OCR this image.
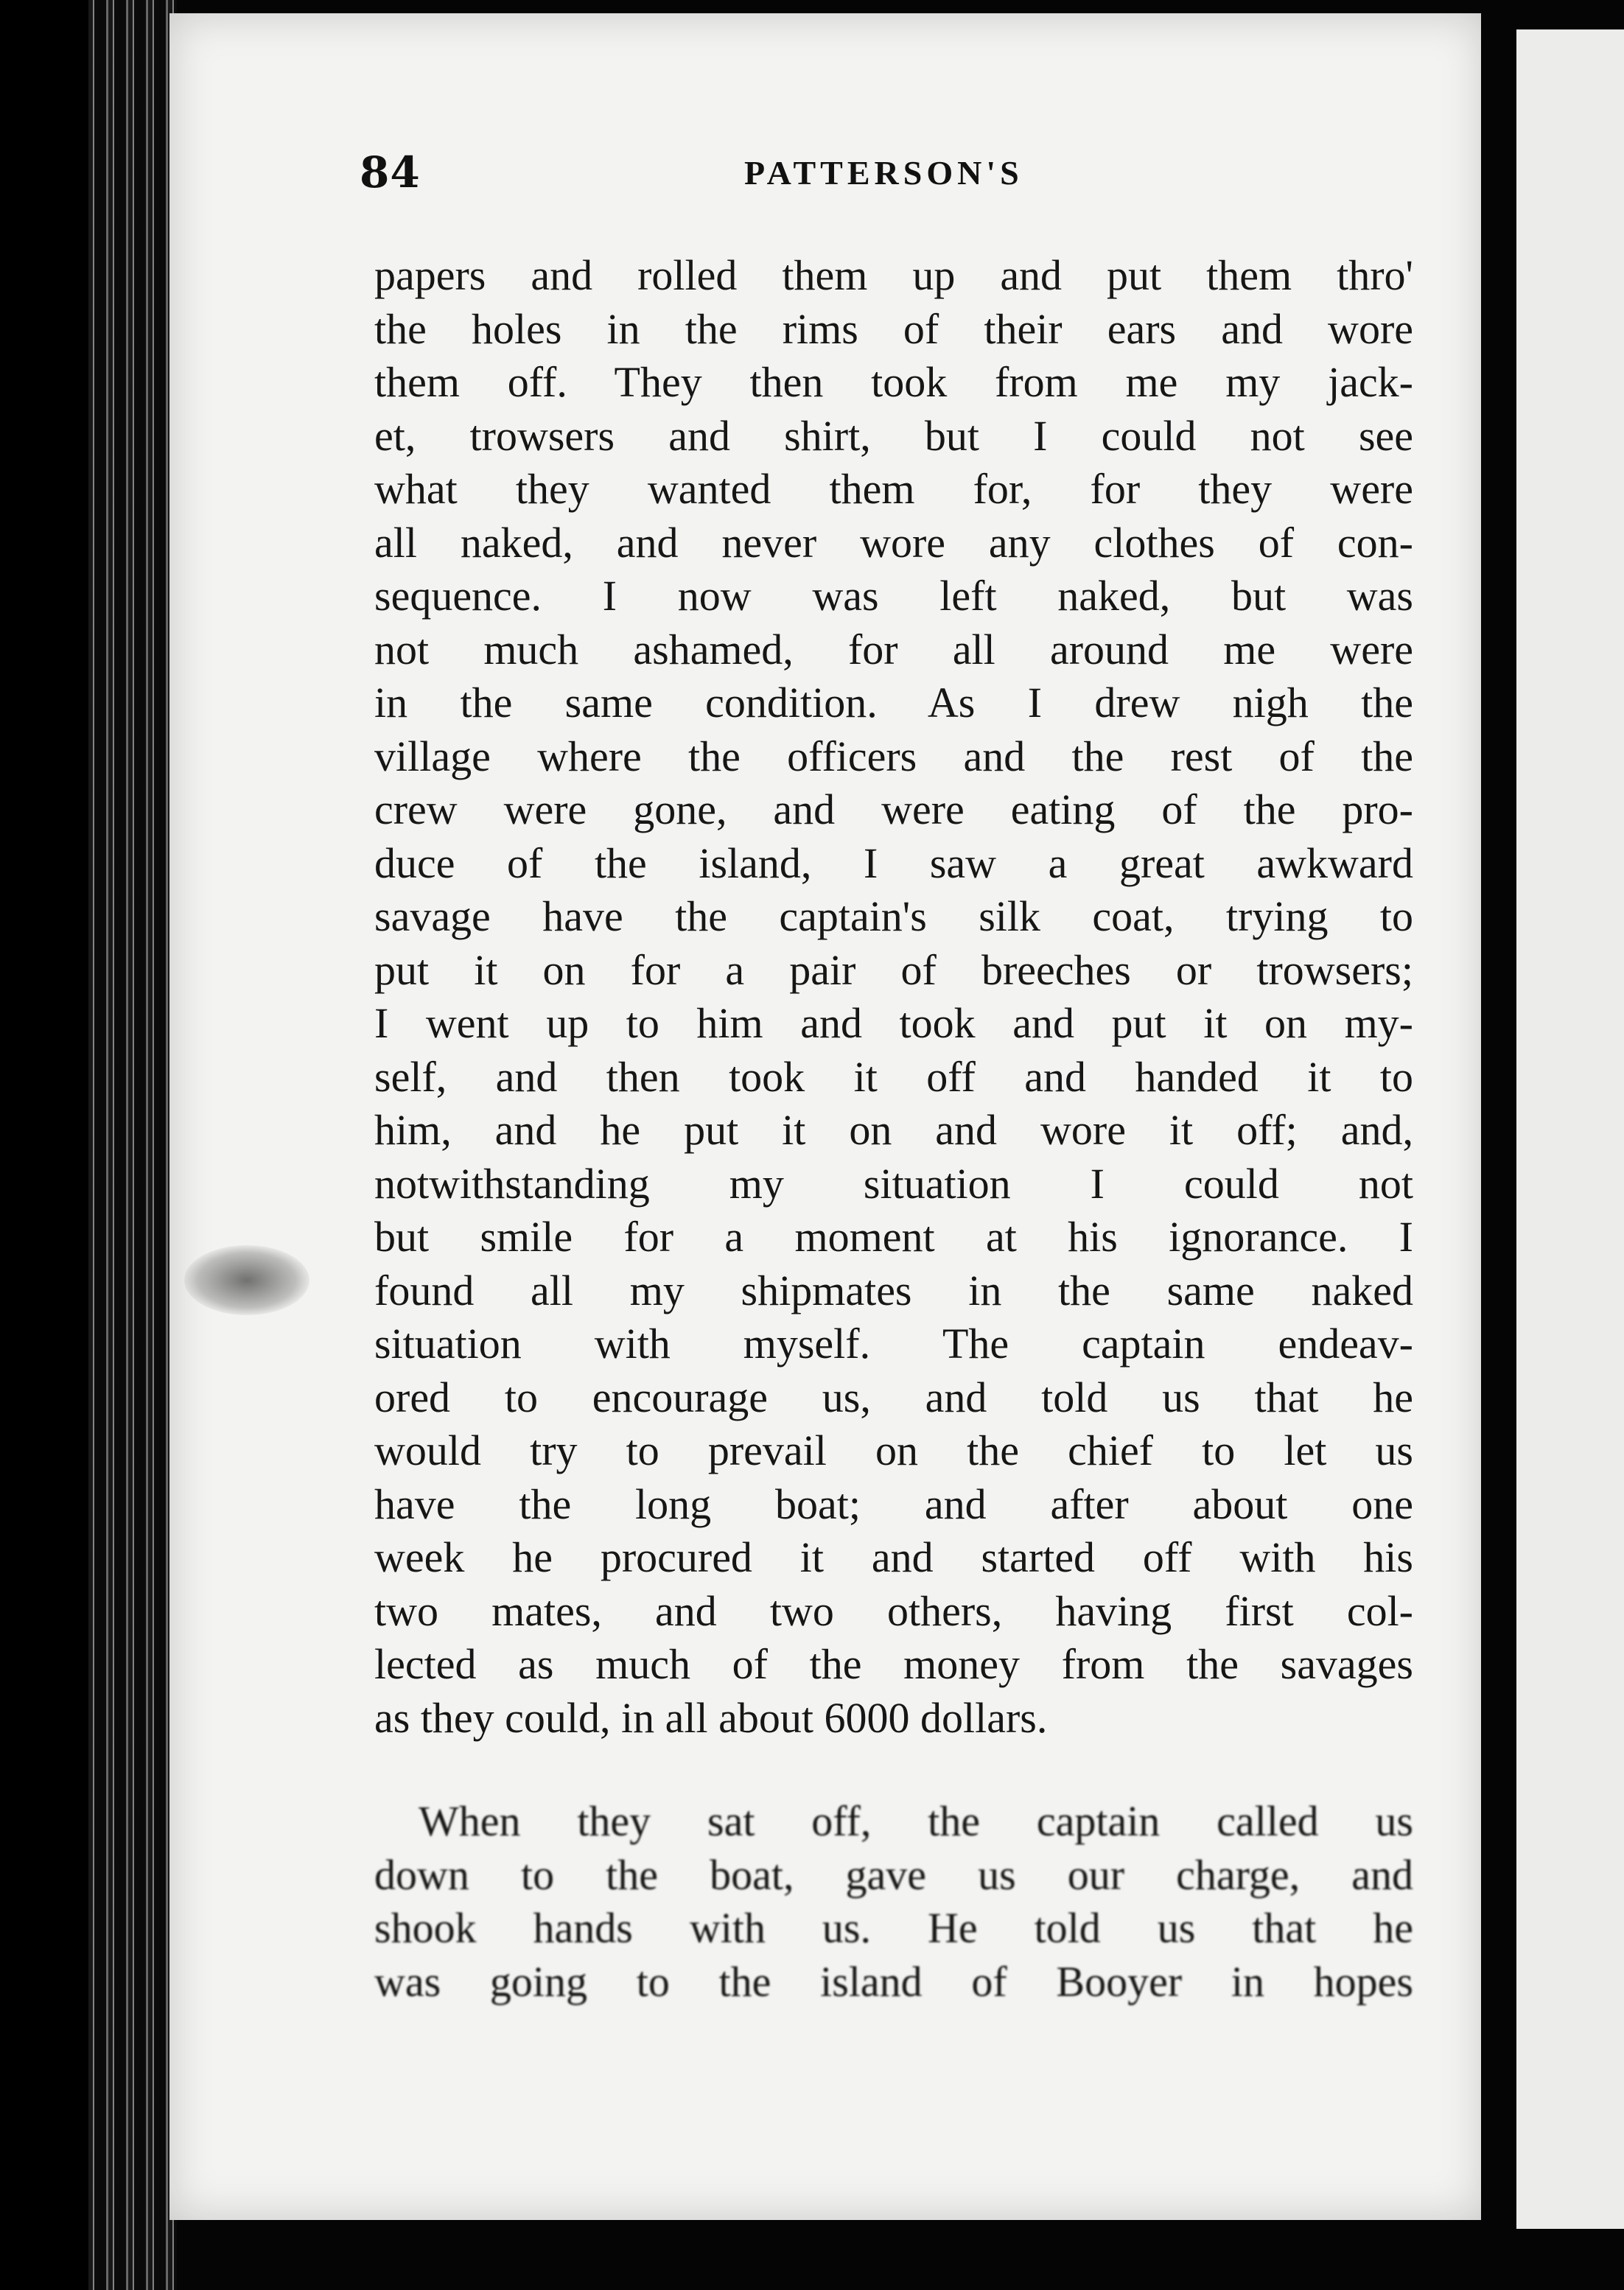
84	PATTERSON'S
papers and rolled them up and put them thro'
the holes in the rims of their ears and wore
them off. They then took from me my jack-
et, trowsers and shirt, but I could not see
what they wanted them for, for they were
all naked, and never wore any clothes of con-
sequence. I now was left naked, but was
not much ashamed, for all around me were
in the same condition. As I drew nigh the
village where the officers and the rest of the
crew were gone, and were eating of the pro-
duce of the island, I saw a great awkward
savage have the captain's silk coat, trying to
put it on for a pair of breeches or trowsers;
I went up to him and took and put it on my-
self, and then took it off and handed it to
him, and he put it on and wore it off; and,
notwithstanding my situation I could not
but smile for a moment at his ignorance. I
found all my shipmates in the same naked
situation with myself. The captain endeav-
ored to encourage us, and told us that he
would try to prevail on the chief to let us
have the long boat; and after about one
week he procured it and started off with his
two mates, and two others, having first col-
lected as much of the money from the savages
as they could, in all about 6000 dollars.
When they sat off, the captain called us
down to the boat, gave us our charge, and
shook hands with us. He told us that he
was going to the island of Booyer in hopes
